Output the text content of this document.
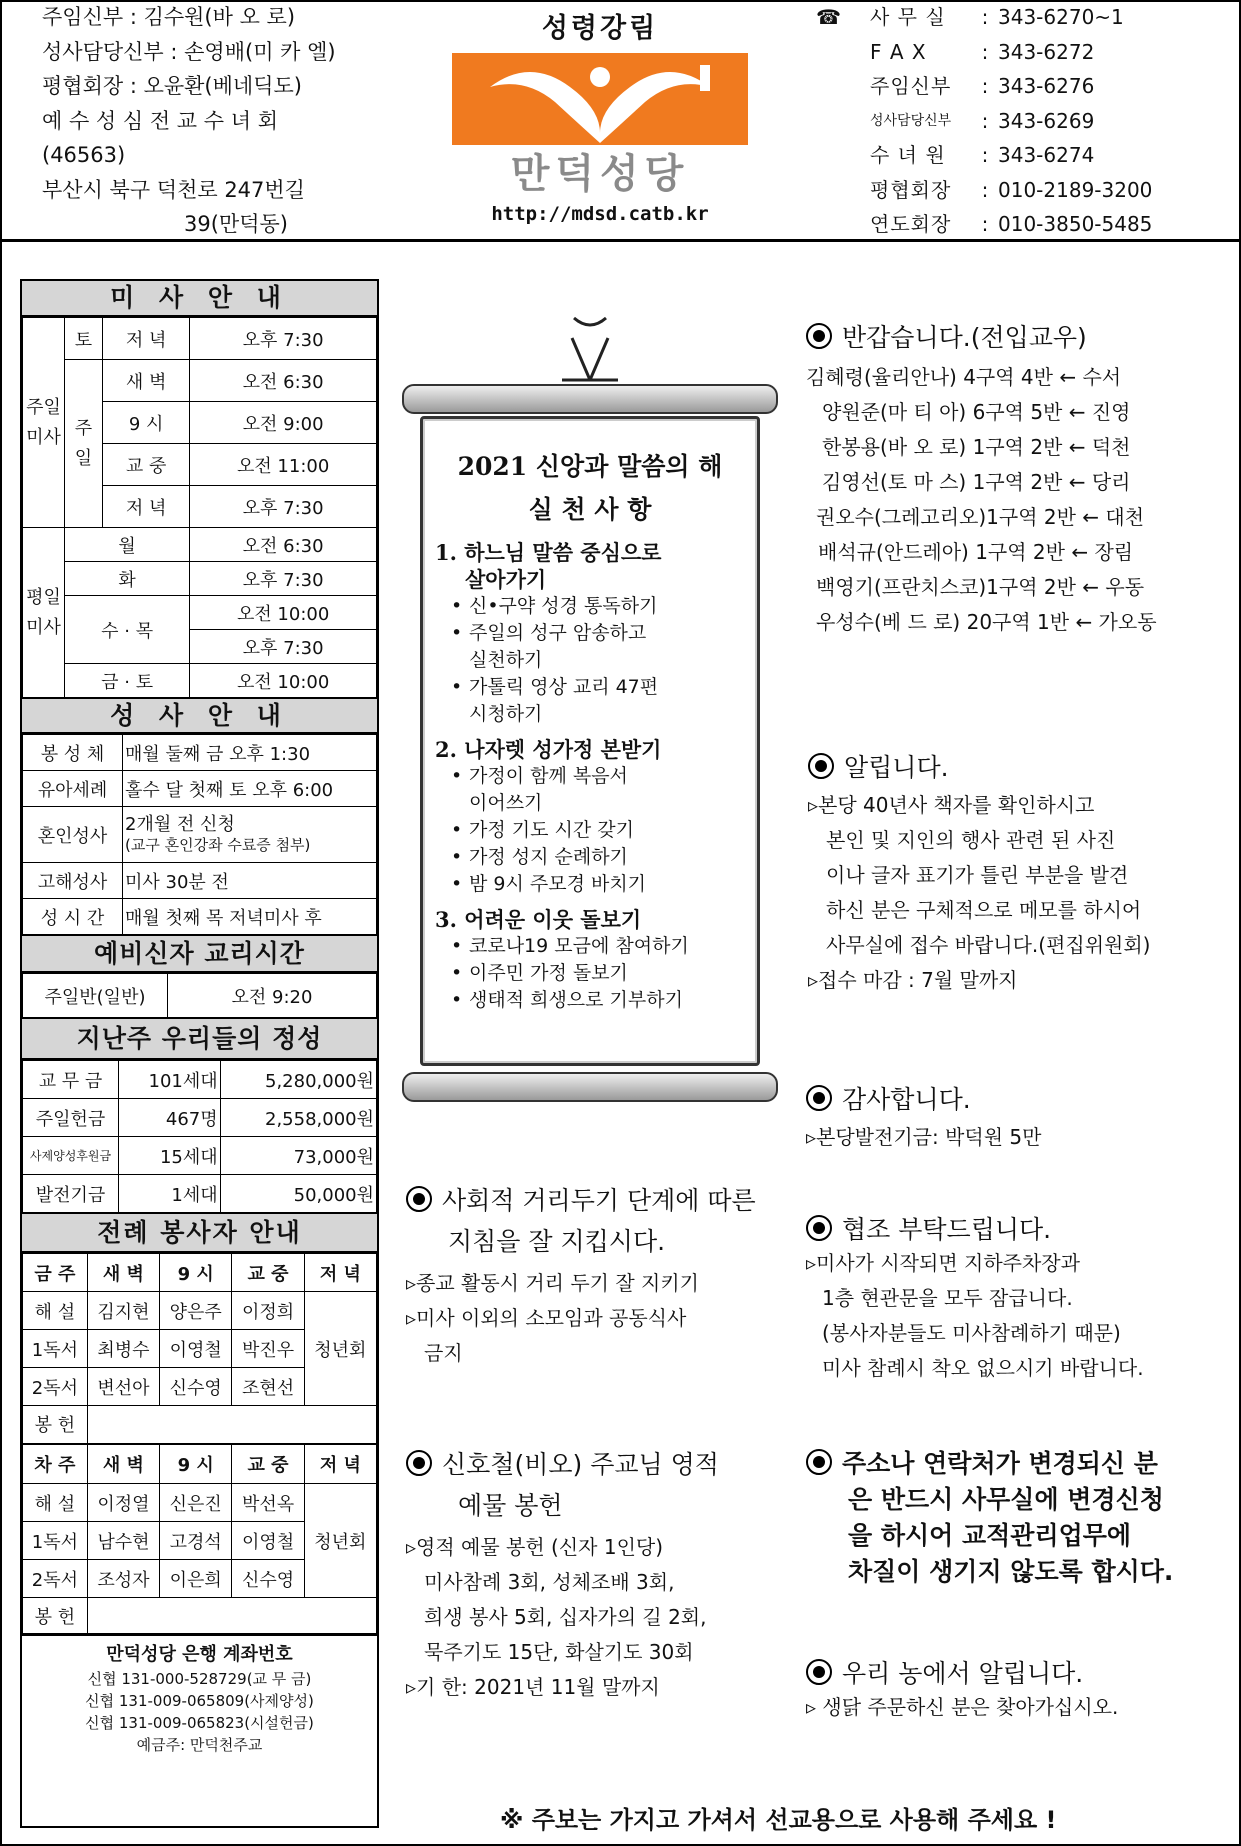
주임신부 : 김수원(바 오 로)
성사담당신부 : 손영배(미 카 엘)
평협회장 : 오윤환(베네딕도)
예 수 성 심 전 교 수 녀 회
(46563)
부산시 북구 덕천로 247번길
39(만덕동)
성령강림
만덕성당
http://mdsd.catb.kr
☎ 사 무 실	: 343-6270~1
F A X	: 343-6272
주임신부	: 343-6276
성사담당신부	: 343-6269
수 녀 원	: 343-6274
평협회장	: 010-2189-3200
연도회장	: 010-3850-5485
미 사 안 내
주일미사	토	저 녁	오후 7:30
	주일	새 벽	오전 6:30
		9 시	오전 9:00
		교 중	오전 11:00
		저 녁	오후 7:30
평일미사	월		오전 6:30
	화		오후 7:30
	수 · 목		오전 10:00
			오후 7:30
	금 · 토		오전 10:00
성 사 안 내
봉 성 체	매월 둘째 금 오후 1:30
유아세례	홀수 달 첫째 토 오후 6:00
혼인성사	2개월 전 신청
(교구 혼인강좌 수료증 첨부)

고해성사	미사 30분 전
성 시 간	매월 첫째 목 저녁미사 후
예비신자 교리시간
주일반(일반)	오전 9:20
지난주 우리들의 정성
교 무 금	101세대	5,280,000원
주일헌금	467명	2,558,000원
사제양성후원금	15세대	73,000원
발전기금	1세대	50,000원
전례 봉사자 안내
금 주	새 벽	9 시	교 중	저 녁
해 설	김지현	양은주	이정희	청년회
1독서	최병수	이영철	박진우	
2독서	변선아	신수영	조현선	
봉 헌				
차 주	새 벽	9 시	교 중	저 녁
해 설	이정열	신은진	박선옥	청년회
1독서	남수현	고경석	이영철	
2독서	조성자	이은희	신수영	
봉 헌				
만덕성당 은행 계좌번호
신협 131-000-528729(교 무 금)
신협 131-009-065809(사제양성)
신협 131-009-065823(시설헌금)
예금주: 만덕천주교
2021 신앙과 말씀의 해
실 천 사 항
1. 하느님 말씀 중심으로
살아가기
• 신•구약 성경 통독하기
• 주일의 성구 암송하고
실천하기
• 가톨릭 영상 교리 47편
시청하기
2. 나자렛 성가정 본받기
• 가정이 함께 복음서
이어쓰기
• 가정 기도 시간 갖기
• 가정 성지 순례하기
• 밤 9시 주모경 바치기
3. 어려운 이웃 돌보기
• 코로나19 모금에 참여하기
• 이주민 가정 돌보기
• 생태적 희생으로 기부하기
반갑습니다.(전입교우)

김혜령(율리안나) 4구역 4반 ← 수서

양원준(마 티 아) 6구역 5반 ← 진영

한봉용(바 오 로) 1구역 2반 ← 덕천

김영선(토 마 스) 1구역 2반 ← 당리

권오수(그레고리오)1구역 2반 ← 대천

배석규(안드레아) 1구역 2반 ← 장림

백영기(프란치스코)1구역 2반 ← 우동

우성수(베 드 로) 20구역 1반 ← 가오동

알립니다.

▹본당 40년사 책자를 확인하시고

본인 및 지인의 행사 관련 된 사진

이나 글자 표기가 틀린 부분을 발견

하신 분은 구체적으로 메모를 하시어

사무실에 접수 바랍니다.(편집위원회)

▹접수 마감 : 7월 말까지

감사합니다.

▹본당발전기금: 박덕원 5만

협조 부탁드립니다.

▹미사가 시작되면 지하주차장과

1층 현관문을 모두 잠급니다.

(봉사자분들도 미사참례하기 때문)

미사 참례시 착오 없으시기 바랍니다.

주소나 연락처가 변경되신 분
은 반드시 사무실에 변경신청
을 하시어 교적관리업무에
차질이 생기지 않도록 합시다.
우리 농에서 알립니다.

▹ 생닭 주문하신 분은 찾아가십시오.

사회적 거리두기 단계에 따른
지침을 잘 지킵시다.

▹종교 활동시 거리 두기 잘 지키기

▹미사 이외의 소모임과 공동식사

금지

신호철(비오) 주교님 영적
예물 봉헌

▹영적 예물 봉헌 (신자 1인당)

미사참례 3회, 성체조배 3회,

희생 봉사 5회, 십자가의 길 2회,

묵주기도 15단, 화살기도 30회

▹기 한: 2021년 11월 말까지

※ 주보는 가지고 가셔서 선교용으로 사용해 주세요 !
